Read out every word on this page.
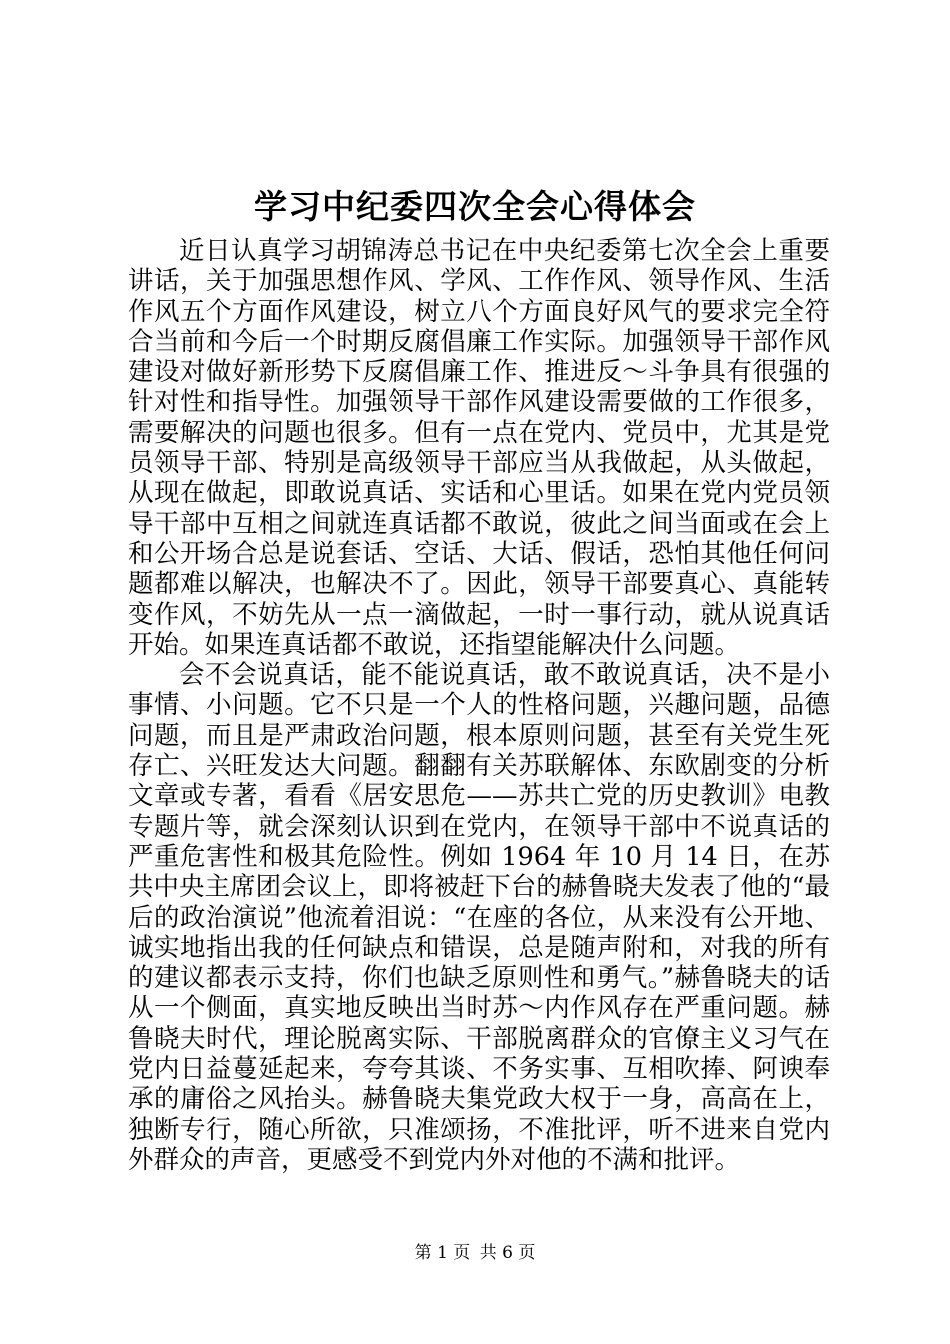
学习中纪委四次全会心得体会

近日认真学习胡锦涛总书记在中央纪委第七次全会上重要讲话，关于加强思想作风、学风、工作作风、领导作风、生活作风五个方面作风建设，树立八个方面良好风气的要求完全符合当前和今后一个时期反腐倡廉工作实际。加强领导干部作风建设对做好新形势下反腐倡廉工作、推进反～斗争具有很强的针对性和指导性。加强领导干部作风建设需要做的工作很多，需要解决的问题也很多。但有一点在党内、党员中，尤其是党员领导干部、特别是高级领导干部应当从我做起，从头做起，从现在做起，即敢说真话、实话和心里话。如果在党内党员领导干部中互相之间就连真话都不敢说，彼此之间当面或在会上和公开场合总是说套话、空话、大话、假话，恐怕其他任何问题都难以解决，也解决不了。因此，领导干部要真心、真能转变作风，不妨先从一点一滴做起，一时一事行动，就从说真话开始。如果连真话都不敢说，还指望能解决什么问题。

会不会说真话，能不能说真话，敢不敢说真话，决不是小事情、小问题。它不只是一个人的性格问题，兴趣问题，品德问题，而且是严肃政治问题，根本原则问题，甚至有关党生死存亡、兴旺发达大问题。翻翻有关苏联解体、东欧剧变的分析文章或专著，看看《居安思危——苏共亡党的历史教训》电教专题片等，就会深刻认识到在党内，在领导干部中不说真话的严重危害性和极其危险性。例如 1964 年 10 月 14 日，在苏共中央主席团会议上，即将被赶下台的赫鲁晓夫发表了他的“最后的政治演说”他流着泪说：“在座的各位，从来没有公开地、诚实地指出我的任何缺点和错误，总是随声附和，对我的所有的建议都表示支持，你们也缺乏原则性和勇气。”赫鲁晓夫的话从一个侧面，真实地反映出当时苏～内作风存在严重问题。赫鲁晓夫时代，理论脱离实际、干部脱离群众的官僚主义习气在党内日益蔓延起来，夸夸其谈、不务实事、互相吹捧、阿谀奉承的庸俗之风抬头。赫鲁晓夫集党政大权于一身，高高在上，独断专行，随心所欲，只准颂扬，不准批评，听不进来自党内外群众的声音，更感受不到党内外对他的不满和批评。

第 1 页 共 6 页
